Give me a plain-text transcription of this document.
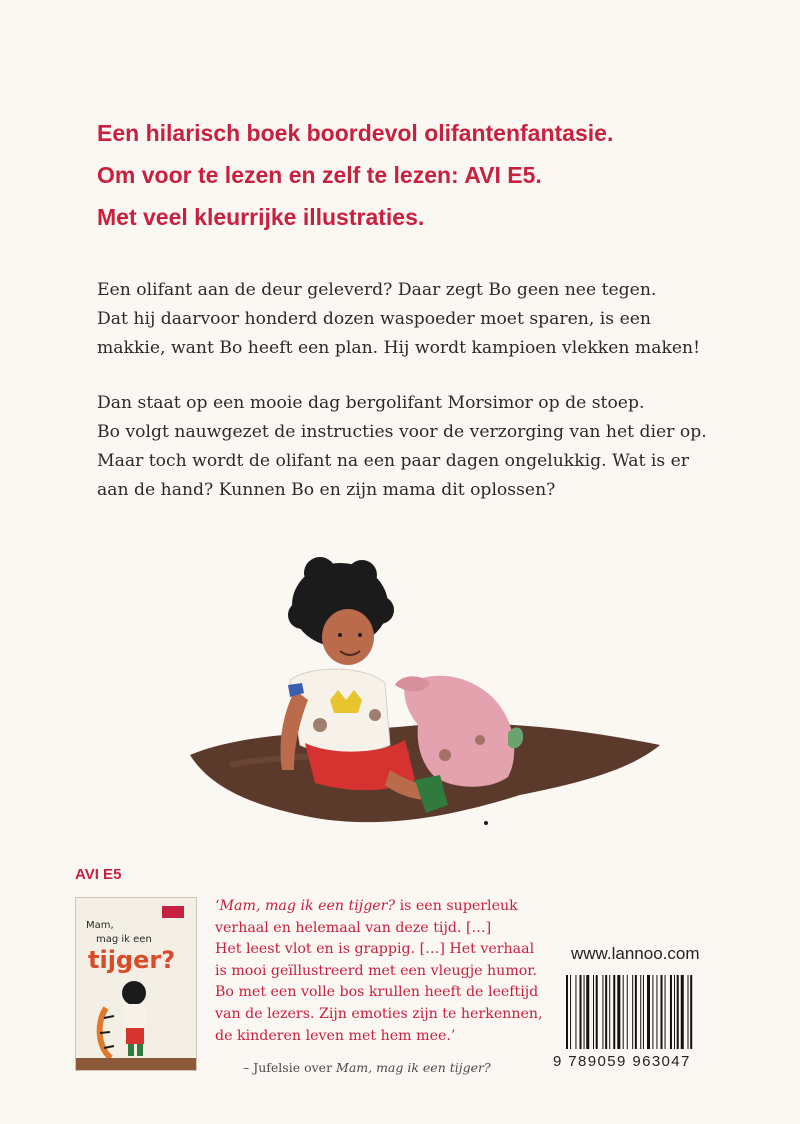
Een hilarisch boek boordevol olifantenfantasie.
Om voor te lezen en zelf te lezen: AVI E5.
Met veel kleurrijke illustraties.

Een olifant aan de deur geleverd? Daar zegt Bo geen nee tegen.
Dat hij daarvoor honderd dozen waspoeder moet sparen, is een
makkie, want Bo heeft een plan. Hij wordt kampioen vlekken maken!

Dan staat op een mooie dag bergolifant Morsimor op de stoep.
Bo volgt nauwgezet de instructies voor de verzorging van het dier op.
Maar toch wordt de olifant na een paar dagen ongelukkig. Wat is er
aan de hand? Kunnen Bo en zijn mama dit oplossen?

AVI E5
Mam,
mag ik een
tijger?

‘Mam, mag ik een tijger? is een superleuk
verhaal en helemaal van deze tijd. […]
Het leest vlot en is grappig. […] Het verhaal
is mooi geïllustreerd met een vleugje humor.
Bo met een volle bos krullen heeft de leeftijd
van de lezers. Zijn emoties zijn te herkennen,
de kinderen leven met hem mee.’

– Jufelsie over Mam, mag ik een tijger?

www.lannoo.com
9 789059 963047
